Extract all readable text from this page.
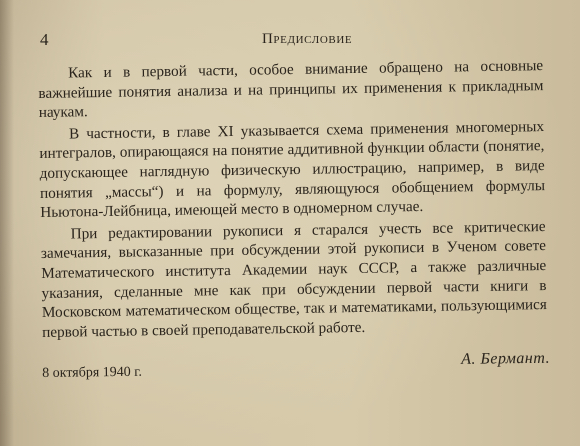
4	Предисловие

Как и в первой части, особое внимание обращено на основные важнейшие понятия анализа и на принципы их применения к прикладным наукам.

В частности, в главе XI указывается схема применения многомерных интегралов, опирающаяся на понятие аддитивной функции области (понятие, допускающее наглядную физическую иллюстрацию, например, в виде понятия „массы“) и на формулу, являющуюся обобщением формулы Ньютона-Лейбница, имеющей место в одномерном случае.

При редактировании рукописи я старался учесть все критические замечания, высказанные при обсуждении этой рукописи в Ученом совете Математического института Академии наук СССР, а также различные указания, сделанные мне как при обсуждении первой части книги в Московском математическом обществе, так и математиками, пользующимися первой частью в своей преподавательской работе.

8 октября 1940 г.
А. Бермант.
